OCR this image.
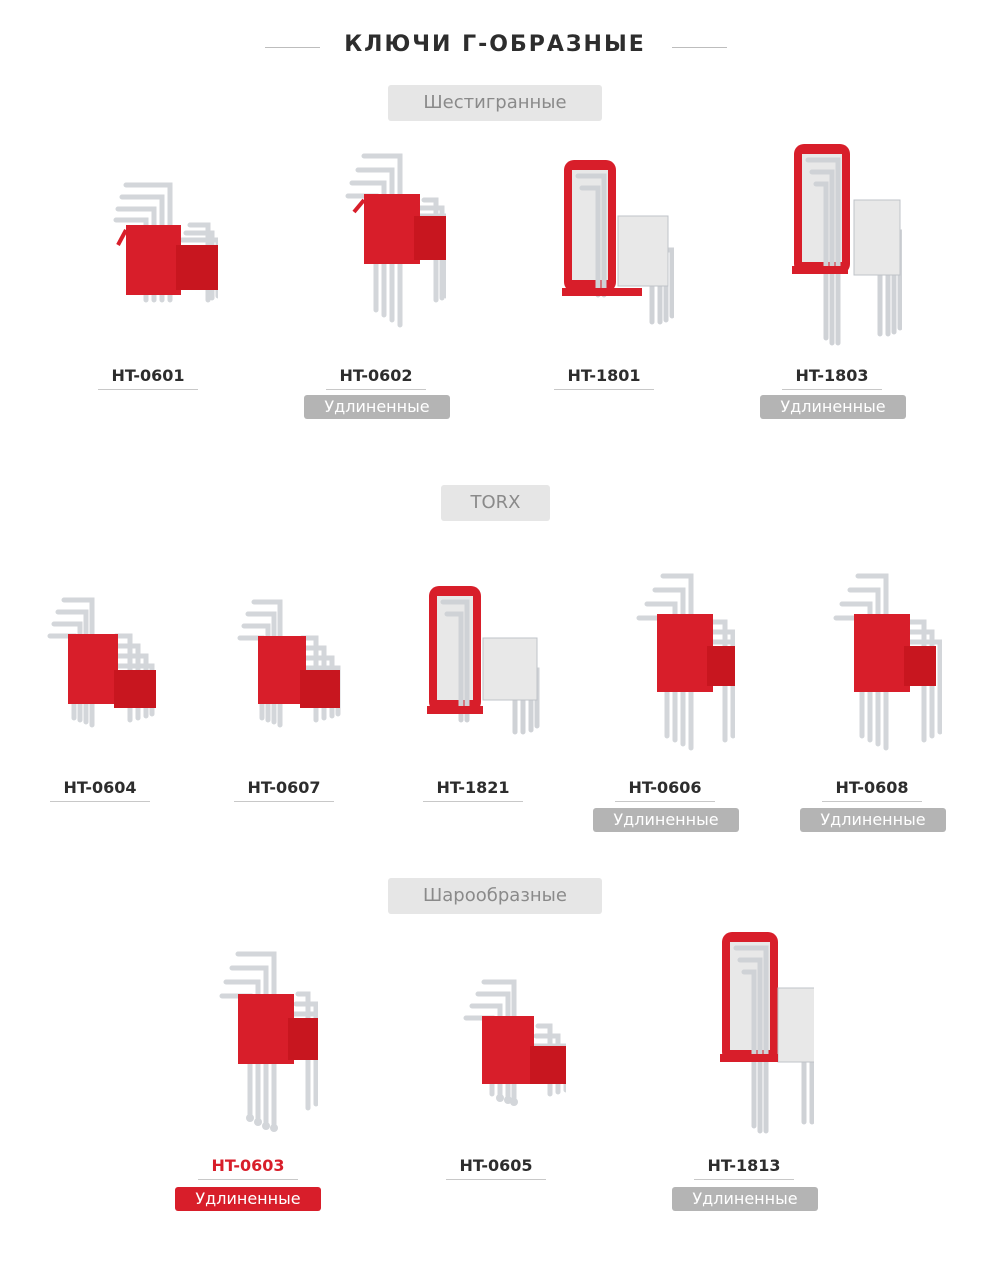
КЛЮЧИ Г-ОБРАЗНЫЕ
Шестигранные
HT-0601	HT-0602
Удлиненные
HT-1801	HT-1803
Удлиненные
TORX
HT-0604	HT-0607	HT-1821	HT-0606
Удлиненные
HT-0608
Удлиненные
Шарообразные
HT-0603
Удлиненные
HT-0605	HT-1813
Удлиненные
